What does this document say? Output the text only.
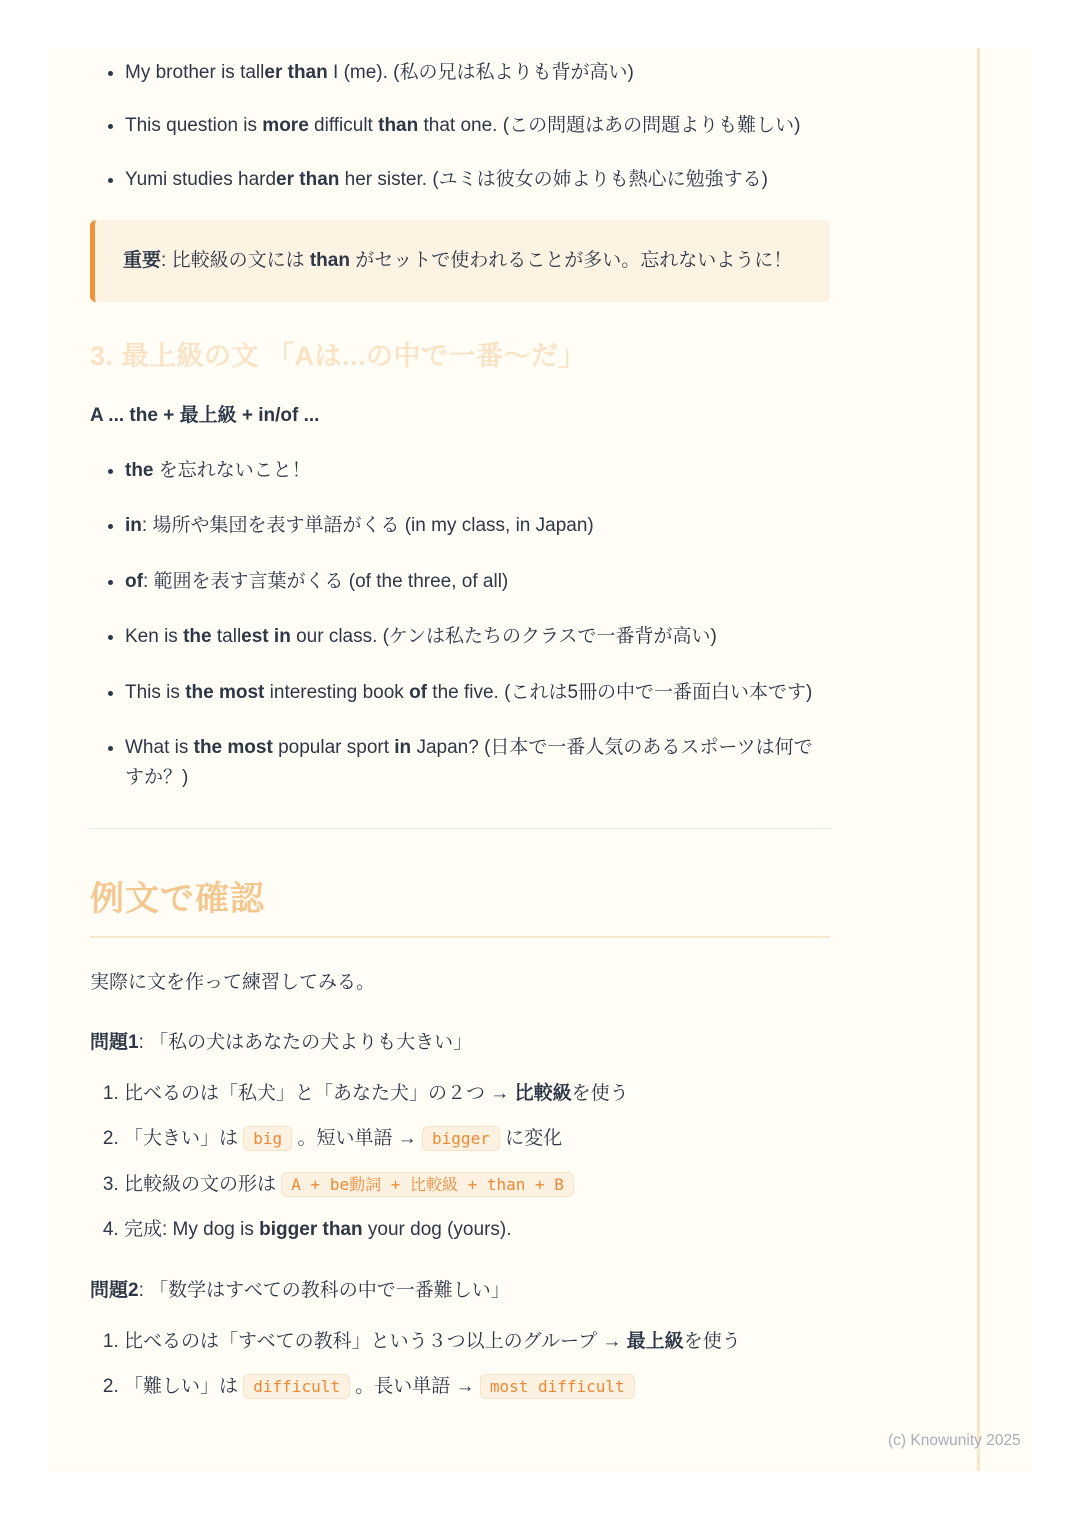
• My brother is taller than I (me). (私の兄は私よりも背が高い)
• This question is more difficult than that one. (この問題はあの問題よりも難しい)
• Yumi studies harder than her sister. (ユミは彼女の姉よりも熱心に勉強する)
重要: 比較級の文には than がセットで使われることが多い。忘れないように！
3. 最上級の文 「Aは...の中で一番〜だ」
A ... the + 最上級 + in/of ...
• the を忘れないこと！
• in: 場所や集団を表す単語がくる (in my class, in Japan)
• of: 範囲を表す言葉がくる (of the three, of all)
• Ken is the tallest in our class. (ケンは私たちのクラスで一番背が高い)
• This is the most interesting book of the five. (これは5冊の中で一番面白い本です)
• What is the most popular sport in Japan? (日本で一番人気のあるスポーツは何ですか？)
例文で確認
実際に文を作って練習してみる。
問題1: 「私の犬はあなたの犬よりも大きい」
1. 比べるのは「私犬」と「あなた犬」の２つ → 比較級を使う
2. 「大きい」は big 。短い単語 → bigger に変化
3. 比較級の文の形は A + be動詞 + 比較級 + than + B
4. 完成: My dog is bigger than your dog (yours).
問題2: 「数学はすべての教科の中で一番難しい」
1. 比べるのは「すべての教科」という３つ以上のグループ → 最上級を使う
2. 「難しい」は difficult 。長い単語 → most difficult
(c) Knowunity 2025
